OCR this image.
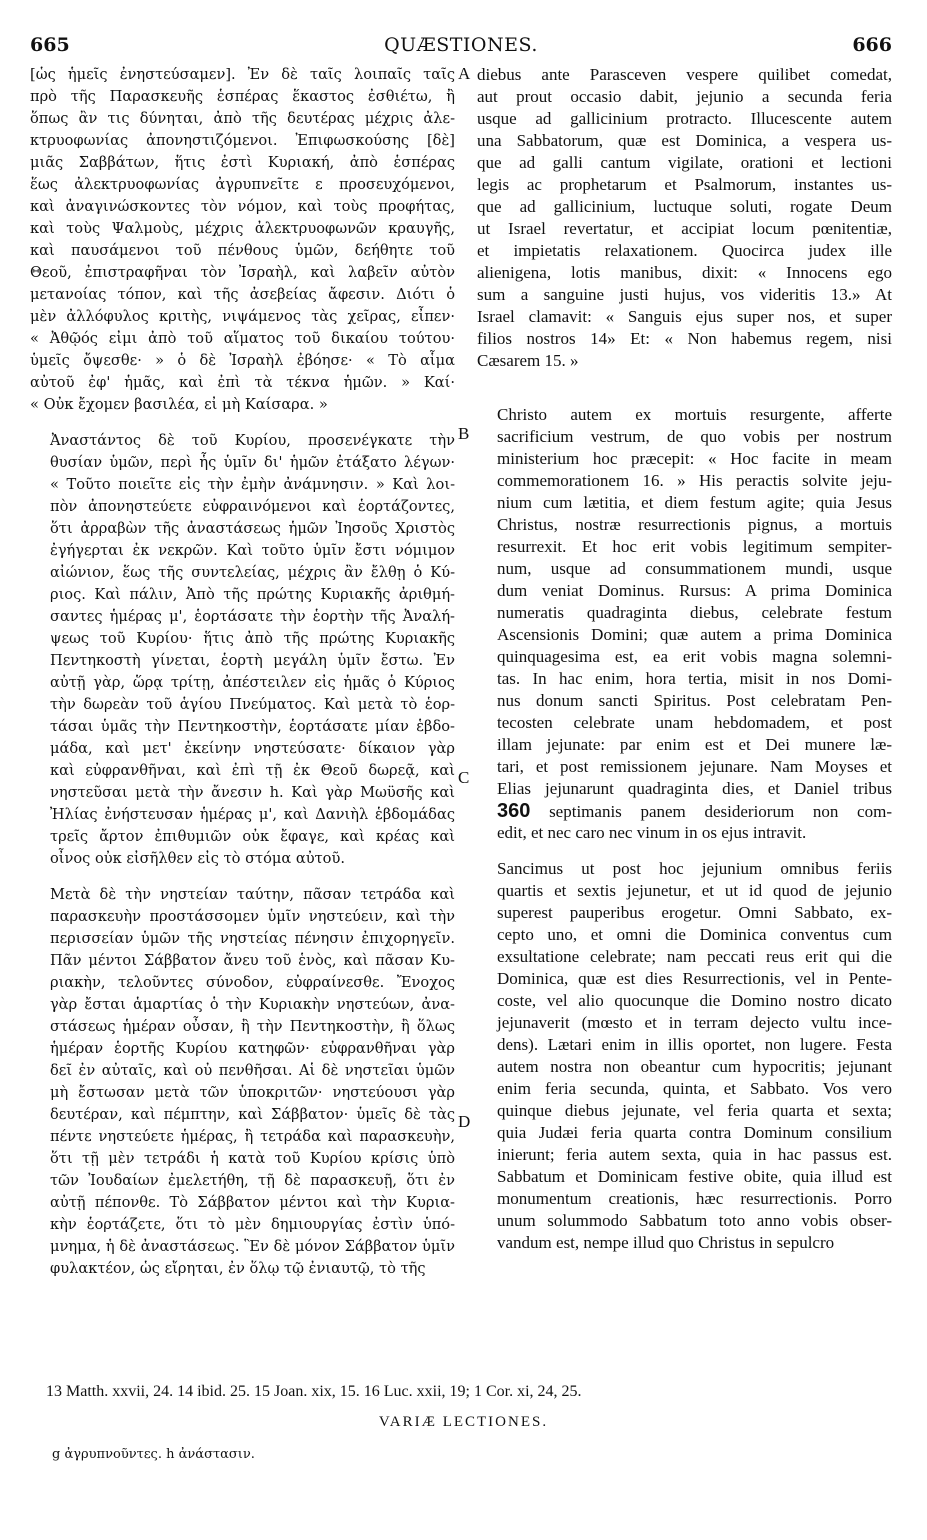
665	QUÆSTIONES.	666
[ὡς ἡμεῖς ἐνηστεύσαμεν]. Ἐν δὲ ταῖς λοιπαῖς ταῖς
πρὸ τῆς Παρασκευῆς ἑσπέρας ἕκαστος ἐσθιέτω, ἢ
ὅπως ἂν τις δύνηται, ἀπὸ τῆς δευτέρας μέχρις ἀλε-
κτρυοφωνίας ἀπονηστιζόμενοι. Ἐπιφωσκούσης [δὲ]
μιᾶς Σαββάτων, ἥτις ἐστὶ Κυριακή, ἀπὸ ἑσπέρας
ἕως ἀλεκτρυοφωνίας ἀγρυπνεῖτε ε προσευχόμενοι,
καὶ ἀναγινώσκοντες τὸν νόμον, καὶ τοὺς προφήτας,
καὶ τοὺς Ψαλμοὺς, μέχρις ἀλεκτρυοφωνῶν κραυγῆς,
καὶ παυσάμενοι τοῦ πένθους ὑμῶν, δεήθητε τοῦ
Θεοῦ, ἐπιστραφῆναι τὸν Ἰσραὴλ, καὶ λαβεῖν αὐτὸν
μετανοίας τόπον, καὶ τῆς ἀσεβείας ἄφεσιν. Διότι ὁ
μὲν ἀλλόφυλος κριτὴς, νιψάμενος τὰς χεῖρας, εἶπεν·
« Ἀθῷός εἰμι ἀπὸ τοῦ αἵματος τοῦ δικαίου τούτου·
ὑμεῖς ὄψεσθε· » ὁ δὲ Ἰσραὴλ ἐβόησε· « Τὸ αἷμα
αὐτοῦ ἐφ' ἡμᾶς, καὶ ἐπὶ τὰ τέκνα ἡμῶν. » Καί·
« Οὐκ ἔχομεν βασιλέα, εἰ μὴ Καίσαρα. »
Ἀναστάντος δὲ τοῦ Κυρίου, προσενέγκατε τὴν
θυσίαν ὑμῶν, περὶ ἧς ὑμῖν δι' ἡμῶν ἐτάξατο λέγων·
« Τοῦτο ποιεῖτε εἰς τὴν ἐμὴν ἀνάμνησιν. » Καὶ λοι-
πὸν ἀπονηστεύετε εὐφραινόμενοι καὶ ἑορτάζοντες,
ὅτι ἀρραβὼν τῆς ἀναστάσεως ἡμῶν Ἰησοῦς Χριστὸς
ἐγήγερται ἐκ νεκρῶν. Καὶ τοῦτο ὑμῖν ἔστι νόμιμον
αἰώνιον, ἕως τῆς συντελείας, μέχρις ἂν ἔλθῃ ὁ Κύ-
ριος. Καὶ πάλιν, Ἀπὸ τῆς πρώτης Κυριακῆς ἀριθμή-
σαντες ἡμέρας μ', ἑορτάσατε τὴν ἑορτὴν τῆς Ἀναλή-
ψεως τοῦ Κυρίου· ἥτις ἀπὸ τῆς πρώτης Κυριακῆς
Πεντηκοστὴ γίνεται, ἑορτὴ μεγάλη ὑμῖν ἔστω. Ἐν
αὐτῇ γὰρ, ὥρᾳ τρίτῃ, ἀπέστειλεν εἰς ἡμᾶς ὁ Κύριος
τὴν δωρεὰν τοῦ ἁγίου Πνεύματος. Καὶ μετὰ τὸ ἑορ-
τάσαι ὑμᾶς τὴν Πεντηκοστὴν, ἑορτάσατε μίαν ἑβδο-
μάδα, καὶ μετ' ἐκείνην νηστεύσατε· δίκαιον γὰρ
καὶ εὐφρανθῆναι, καὶ ἐπὶ τῇ ἐκ Θεοῦ δωρεᾷ, καὶ
νηστεῦσαι μετὰ τὴν ἄνεσιν h. Καὶ γὰρ Μωϋσῆς καὶ
Ἠλίας ἐνήστευσαν ἡμέρας μ', καὶ Δανιὴλ ἑβδομάδας
τρεῖς ἄρτον ἐπιθυμιῶν οὐκ ἔφαγε, καὶ κρέας καὶ
οἶνος οὐκ εἰσῆλθεν εἰς τὸ στόμα αὐτοῦ.
Μετὰ δὲ τὴν νηστείαν ταύτην, πᾶσαν τετράδα καὶ
παρασκευὴν προστάσσομεν ὑμῖν νηστεύειν, καὶ τὴν
περισσείαν ὑμῶν τῆς νηστείας πένησιν ἐπιχορηγεῖν.
Πᾶν μέντοι Σάββατον ἄνευ τοῦ ἑνὸς, καὶ πᾶσαν Κυ-
ριακὴν, τελοῦντες σύνοδον, εὐφραίνεσθε. Ἔνοχος
γὰρ ἔσται ἁμαρτίας ὁ τὴν Κυριακὴν νηστεύων, ἀνα-
στάσεως ἡμέραν οὖσαν, ἢ τὴν Πεντηκοστὴν, ἢ ὅλως
ἡμέραν ἑορτῆς Κυρίου κατηφῶν· εὐφρανθῆναι γὰρ
δεῖ ἐν αὐταῖς, καὶ οὐ πενθῆσαι. Αἱ δὲ νηστεῖαι ὑμῶν
μὴ ἔστωσαν μετὰ τῶν ὑποκριτῶν· νηστεύουσι γὰρ
δευτέραν, καὶ πέμπτην, καὶ Σάββατον· ὑμεῖς δὲ τὰς
πέντε νηστεύετε ἡμέρας, ἢ τετράδα καὶ παρασκευὴν,
ὅτι τῇ μὲν τετράδι ἡ κατὰ τοῦ Κυρίου κρίσις ὑπὸ
τῶν Ἰουδαίων ἐμελετήθη, τῇ δὲ παρασκευῇ, ὅτι ἐν
αὐτῇ πέπονθε. Τὸ Σάββατον μέντοι καὶ τὴν Κυρια-
κὴν ἑορτάζετε, ὅτι τὸ μὲν δημιουργίας ἐστὶν ὑπό-
μνημα, ἡ δὲ ἀναστάσεως. Ἓν δὲ μόνον Σάββατον ὑμῖν
φυλακτέον, ὡς εἴρηται, ἐν ὅλῳ τῷ ἐνιαυτῷ, τὸ τῆς
diebus ante Parasceven vespere quilibet comedat,
aut prout occasio dabit, jejunio a secunda feria
usque ad gallicinium protracto. Illucescente autem
una Sabbatorum, quæ est Dominica, a vespera us-
que ad galli cantum vigilate, orationi et lectioni
legis ac prophetarum et Psalmorum, instantes us-
que ad gallicinium, luctuque soluti, rogate Deum
ut Israel revertatur, et accipiat locum pœnitentiæ,
et impietatis relaxationem. Quocirca judex ille
alienigena, lotis manibus, dixit: « Innocens ego
sum a sanguine justi hujus, vos videritis 13.» At
Israel clamavit: « Sanguis ejus super nos, et super
filios nostros 14» Et: « Non habemus regem, nisi
Cæsarem 15. »
Christo autem ex mortuis resurgente, afferte
sacrificium vestrum, de quo vobis per nostrum
ministerium hoc præcepit: « Hoc facite in meam
commemorationem 16. » His peractis solvite jeju-
nium cum lætitia, et diem festum agite; quia Jesus
Christus, nostræ resurrectionis pignus, a mortuis
resurrexit. Et hoc erit vobis legitimum sempiter-
num, usque ad consummationem mundi, usque
dum veniat Dominus. Rursus: A prima Dominica
numeratis quadraginta diebus, celebrate festum
Ascensionis Domini; quæ autem a prima Dominica
quinquagesima est, ea erit vobis magna solemni-
tas. In hac enim, hora tertia, misit in nos Domi-
nus donum sancti Spiritus. Post celebratam Pen-
tecosten celebrate unam hebdomadem, et post
illam jejunate: par enim est et Dei munere læ-
tari, et post remissionem jejunare. Nam Moyses et
Elias jejunarunt quadraginta dies, et Daniel tribus
360 septimanis panem desideriorum non com-
edit, et nec caro nec vinum in os ejus intravit.
Sancimus ut post hoc jejunium omnibus feriis
quartis et sextis jejunetur, et ut id quod de jejunio
superest pauperibus erogetur. Omni Sabbato, ex-
cepto uno, et omni die Dominica conventus cum
exsultatione celebrate; nam peccati reus erit qui die
Dominica, quæ est dies Resurrectionis, vel in Pente-
coste, vel alio quocunque die Domino nostro dicato
jejunaverit (mœsto et in terram dejecto vultu ince-
dens). Lætari enim in illis oportet, non lugere. Festa
autem nostra non obeantur cum hypocritis; jejunant
enim feria secunda, quinta, et Sabbato. Vos vero
quinque diebus jejunate, vel feria quarta et sexta;
quia Judæi feria quarta contra Dominum consilium
inierunt; feria autem sexta, quia in hac passus est.
Sabbatum et Dominicam festive obite, quia illud est
monumentum creationis, hæc resurrectionis. Porro
unum solummodo Sabbatum toto anno vobis obser-
vandum est, nempe illud quo Christus in sepulcro
A
B
C
D
13 Matth. xxvii, 24. 14 ibid. 25. 15 Joan. xix, 15. 16 Luc. xxii, 19; 1 Cor. xi, 24, 25.
VARIÆ LECTIONES.
g ἀγρυπνοῦντες. h ἀνάστασιν.
